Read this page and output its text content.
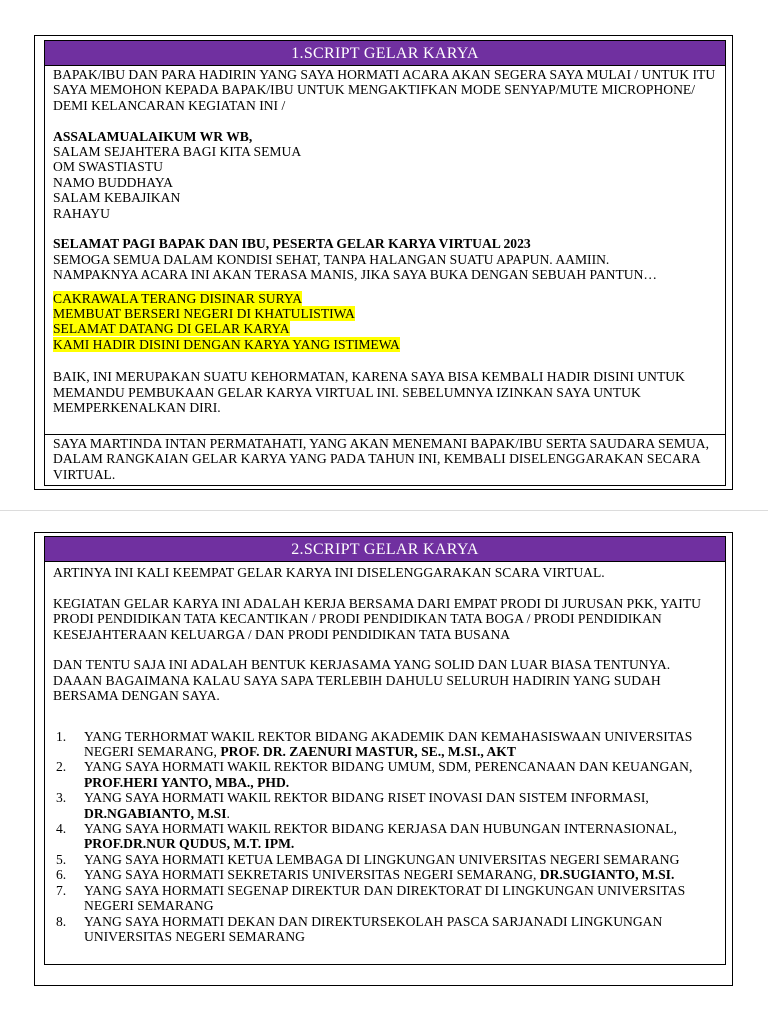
1.SCRIPT GELAR KARYA

BAPAK/IBU DAN PARA HADIRIN YANG SAYA HORMATI ACARA AKAN SEGERA SAYA MULAI / UNTUK ITU SAYA MEMOHON KEPADA BAPAK/IBU UNTUK MENGAKTIFKAN MODE SENYAP/MUTE MICROPHONE/ DEMI KELANCARAN KEGIATAN INI /

ASSALAMUALAIKUM WR WB,

SALAM SEJAHTERA BAGI KITA SEMUA

OM SWASTIASTU

NAMO BUDDHAYA

SALAM KEBAJIKAN

RAHAYU

SELAMAT PAGI BAPAK DAN IBU, PESERTA GELAR KARYA VIRTUAL 2023

SEMOGA SEMUA DALAM KONDISI SEHAT, TANPA HALANGAN SUATU APAPUN. AAMIIN.

NAMPAKNYA ACARA INI AKAN TERASA MANIS, JIKA SAYA BUKA DENGAN SEBUAH PANTUN…

CAKRAWALA TERANG DISINAR SURYA

MEMBUAT BERSERI NEGERI DI KHATULISTIWA

SELAMAT DATANG DI GELAR KARYA

KAMI HADIR DISINI DENGAN KARYA YANG ISTIMEWA

BAIK, INI MERUPAKAN SUATU KEHORMATAN, KARENA SAYA BISA KEMBALI HADIR DISINI UNTUK MEMANDU PEMBUKAAN GELAR KARYA VIRTUAL INI. SEBELUMNYA IZINKAN SAYA UNTUK MEMPERKENALKAN DIRI.

SAYA MARTINDA INTAN PERMATAHATI, YANG AKAN MENEMANI BAPAK/IBU SERTA SAUDARA SEMUA, DALAM RANGKAIAN GELAR KARYA YANG PADA TAHUN INI, KEMBALI DISELENGGARAKAN SECARA VIRTUAL.

2.SCRIPT GELAR KARYA

ARTINYA INI KALI KEEMPAT GELAR KARYA INI DISELENGGARAKAN SCARA VIRTUAL.

KEGIATAN GELAR KARYA INI ADALAH KERJA BERSAMA DARI EMPAT PRODI DI JURUSAN PKK, YAITU PRODI PENDIDIKAN TATA KECANTIKAN / PRODI PENDIDIKAN TATA BOGA / PRODI PENDIDIKAN KESEJAHTERAAN KELUARGA / DAN PRODI PENDIDIKAN TATA BUSANA

DAN TENTU SAJA INI ADALAH BENTUK KERJASAMA YANG SOLID DAN LUAR BIASA TENTUNYA. DAAAN BAGAIMANA KALAU SAYA SAPA TERLEBIH DAHULU SELURUH HADIRIN YANG SUDAH BERSAMA DENGAN SAYA.

1. YANG TERHORMAT WAKIL REKTOR BIDANG AKADEMIK DAN KEMAHASISWAAN UNIVERSITAS NEGERI SEMARANG, PROF. DR. ZAENURI MASTUR, SE., M.SI., AKT
2. YANG SAYA HORMATI WAKIL REKTOR BIDANG UMUM, SDM, PERENCANAAN DAN KEUANGAN, PROF.HERI YANTO, MBA., PHD.
3. YANG SAYA HORMATI WAKIL REKTOR BIDANG RISET INOVASI DAN SISTEM INFORMASI, DR.NGABIANTO, M.SI.
4. YANG SAYA HORMATI WAKIL REKTOR BIDANG KERJASA DAN HUBUNGAN INTERNASIONAL, PROF.DR.NUR QUDUS, M.T. IPM.
5. YANG SAYA HORMATI KETUA LEMBAGA DI LINGKUNGAN UNIVERSITAS NEGERI SEMARANG
6. YANG SAYA HORMATI SEKRETARIS UNIVERSITAS NEGERI SEMARANG, DR.SUGIANTO, M.SI.
7. YANG SAYA HORMATI SEGENAP DIREKTUR DAN DIREKTORAT DI LINGKUNGAN UNIVERSITAS NEGERI SEMARANG
8. YANG SAYA HORMATI DEKAN DAN DIREKTURSEKOLAH PASCA SARJANADI LINGKUNGAN UNIVERSITAS NEGERI SEMARANG
